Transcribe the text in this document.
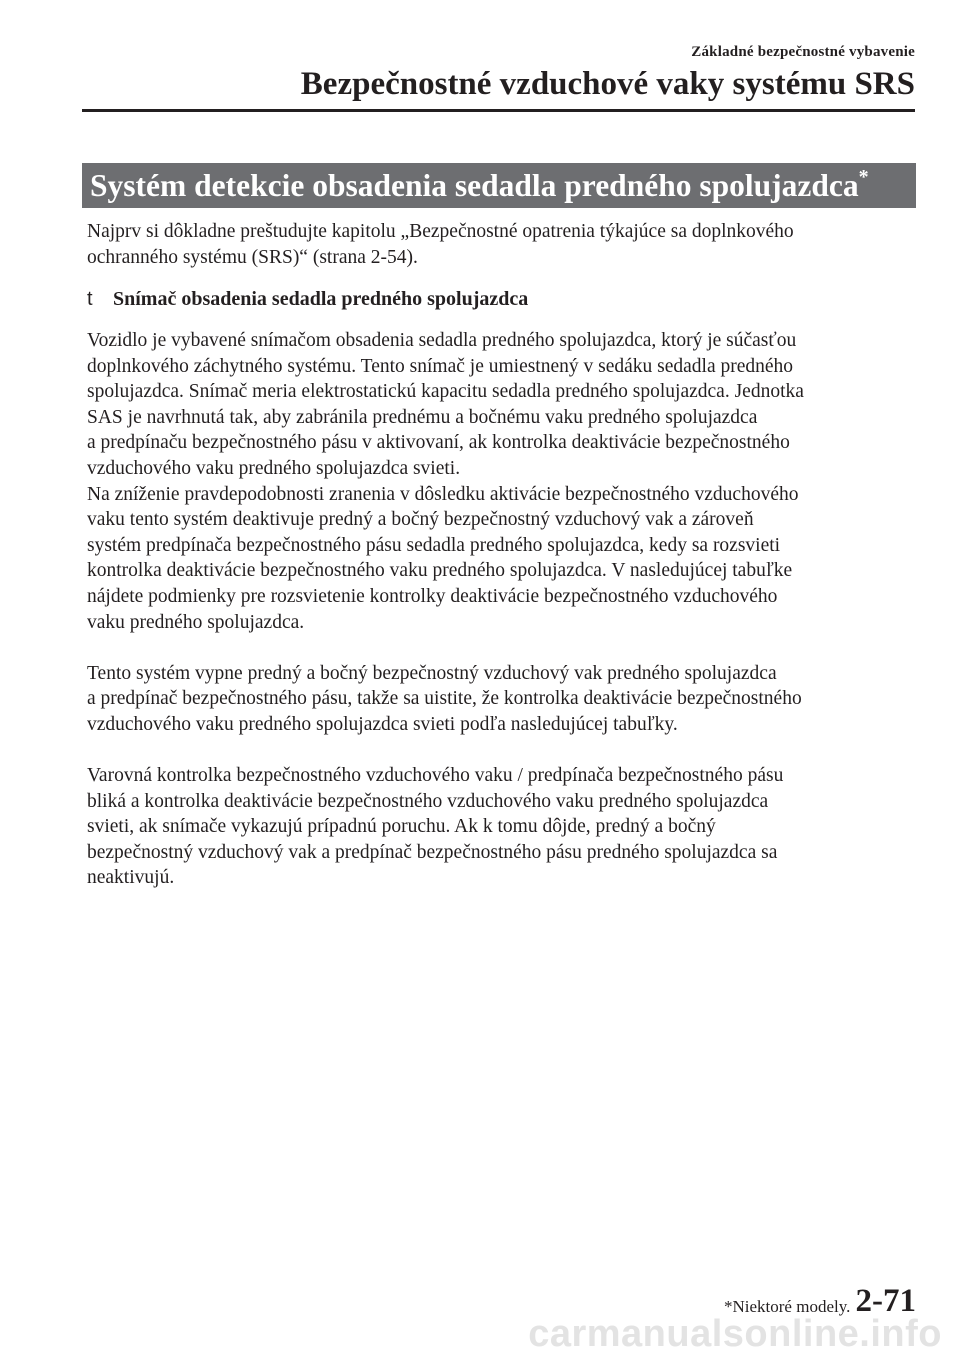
Základné bezpečnostné vybavenie
Bezpečnostné vzduchové vaky systému SRS
Systém detekcie obsadenia sedadla predného spolujazdca*
Najprv si dôkladne preštudujte kapitolu „Bezpečnostné opatrenia týkajúce sa doplnkového
ochranného systému (SRS)“ (strana 2-54).
t Snímač obsadenia sedadla predného spolujazdca

Vozidlo je vybavené snímačom obsadenia sedadla predného spolujazdca, ktorý je súčasťou
doplnkového záchytného systému. Tento snímač je umiestnený v sedáku sedadla predného
spolujazdca. Snímač meria elektrostatickú kapacitu sedadla predného spolujazdca. Jednotka
SAS je navrhnutá tak, aby zabránila prednému a bočnému vaku predného spolujazdca
a predpínaču bezpečnostného pásu v aktivovaní, ak kontrolka deaktivácie bezpečnostného
vzduchového vaku predného spolujazdca svieti.

Na zníženie pravdepodobnosti zranenia v dôsledku aktivácie bezpečnostného vzduchového
vaku tento systém deaktivuje predný a bočný bezpečnostný vzduchový vak a zároveň
systém predpínača bezpečnostného pásu sedadla predného spolujazdca, kedy sa rozsvieti
kontrolka deaktivácie bezpečnostného vaku predného spolujazdca. V nasledujúcej tabuľke
nájdete podmienky pre rozsvietenie kontrolky deaktivácie bezpečnostného vzduchového
vaku predného spolujazdca.

Tento systém vypne predný a bočný bezpečnostný vzduchový vak predného spolujazdca
a predpínač bezpečnostného pásu, takže sa uistite, že kontrolka deaktivácie bezpečnostného
vzduchového vaku predného spolujazdca svieti podľa nasledujúcej tabuľky.

Varovná kontrolka bezpečnostného vzduchového vaku / predpínača bezpečnostného pásu
bliká a kontrolka deaktivácie bezpečnostného vzduchového vaku predného spolujazdca
svieti, ak snímače vykazujú prípadnú poruchu. Ak k tomu dôjde, predný a bočný
bezpečnostný vzduchový vak a predpínač bezpečnostného pásu predného spolujazdca sa
neaktivujú.

*Niektoré modely. 2-71
carmanualsonline.info
